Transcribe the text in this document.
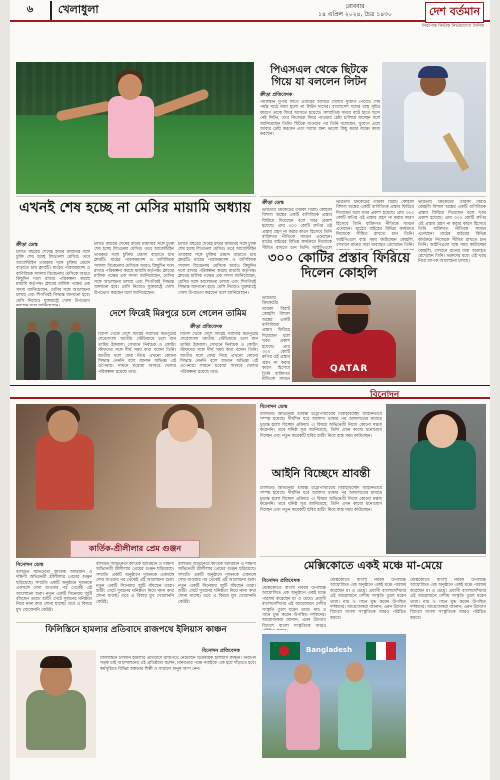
৬	খেলাধুলা	রোববার
১৪ এপ্রিল ২০২৪, চৈত্র ১৪৩০	দেশ বর্তমান
নিরপেক্ষ নির্ভীক নির্ভরযোগ্য দৈনিক
পিএসএল থেকে ছিটকে গিয়ে যা বললেন লিটন
ক্রীড়া প্রতিবেদক
পাকিস্তান সুপার লিগে এবারের আসরে খেলার সুযোগ পেয়েও শেষ পর্যন্ত মাঠে নামা হলো না লিটন দাসের। বাংলাদেশ দলের ব্যস্ত সূচির কারণে তাকে ফিরে আসতে হয়েছে। সাম্প্রতিক সময়ে ব্যাট হাতে ছন্দে নেই লিটন, তবে নিজেকে ফিরে পাওয়ার চেষ্টা চালিয়ে যাচ্ছেন বলে জানিয়েছেন তিনি। ছিটকে যাওয়ার পর তিনি বলেছেন, সুযোগ এলে আবার চেষ্টা করবেন এবং দলের জন্য ভালো কিছু করার লক্ষ্যে কাজ করছেন।
এখনই শেষ হচ্ছে না মেসির মায়ামি অধ্যায়
ক্রীড়া ডেস্ক
চলতি বছরের শেষেই ইন্টার মায়ামির সঙ্গে চুক্তি শেষ হচ্ছে লিওনেল মেসির। তবে আর্জেন্টাইন তারকার সঙ্গে চুক্তির মেয়াদ বাড়াতে চায় ক্লাবটি। মাঠের পারফরম্যান্স ও বাণিজ্যিক সাফল্য বিবেচনায় মেসিকে আরও কিছুদিন দলে রাখার পরিকল্পনা করছে মায়ামি কর্তৃপক্ষ। ক্লাবের মালিক পক্ষের এক সদস্য জানিয়েছেন, মেসির সঙ্গে আলোচনা চলছে এবং শিগগিরই সিদ্ধান্ত জানানো হবে। মেসি নিজেও যুক্তরাষ্ট্রে খেলা উপভোগ
চলতি বছরের শেষেই ইন্টার মায়ামির সঙ্গে চুক্তি শেষ হচ্ছে লিওনেল মেসির। তবে আর্জেন্টাইন তারকার সঙ্গে চুক্তির মেয়াদ বাড়াতে চায় ক্লাবটি। মাঠের পারফরম্যান্স ও বাণিজ্যিক সাফল্য বিবেচনায় মেসিকে আরও কিছুদিন দলে রাখার পরিকল্পনা করছে মায়ামি কর্তৃপক্ষ। ক্লাবের মালিক পক্ষের এক সদস্য জানিয়েছেন, মেসির সঙ্গে আলোচনা চলছে এবং শিগগিরই সিদ্ধান্ত জানানো হবে। মেসি নিজেও যুক্তরাষ্ট্রে খেলা উপভোগ করছেন বলে জানিয়েছেন।
চলতি বছরের শেষেই ইন্টার মায়ামির সঙ্গে চুক্তি শেষ হচ্ছে লিওনেল মেসির। তবে আর্জেন্টাইন তারকার সঙ্গে চুক্তির মেয়াদ বাড়াতে চায় ক্লাবটি। মাঠের পারফরম্যান্স ও বাণিজ্যিক সাফল্য বিবেচনায় মেসিকে আরও কিছুদিন দলে রাখার পরিকল্পনা করছে মায়ামি কর্তৃপক্ষ। ক্লাবের মালিক পক্ষের এক সদস্য জানিয়েছেন, মেসির সঙ্গে আলোচনা চলছে এবং শিগগিরই সিদ্ধান্ত জানানো হবে। মেসি নিজেও যুক্তরাষ্ট্রে খেলা উপভোগ করছেন বলে জানিয়েছেন।
দেশে ফিরেই মিরপুরে চলে গেলেন তামিম
ক্রীড়া প্রতিবেদক
বিদেশ থেকে দেশে ফিরেই সরাসরি মিরপুরের শেরেবাংলা জাতীয় স্টেডিয়ামে চলে যান তামিম ইকবাল। সেখানে নির্বাচক ও কোচিং স্টাফদের সঙ্গে দীর্ঘ সময় কথা বলেন তিনি। জাতীয় দলে ফেরা নিয়ে এখনো কোনো সিদ্ধান্ত নেননি বলে জানান অভিজ্ঞ এই ওপেনার। সামনে ঘরোয়া আসরে খেলার পরিকল্পনা রয়েছে তার।
বিদেশ থেকে দেশে ফিরেই সরাসরি মিরপুরের শেরেবাংলা জাতীয় স্টেডিয়ামে চলে যান তামিম ইকবাল। সেখানে নির্বাচক ও কোচিং স্টাফদের সঙ্গে দীর্ঘ সময় কথা বলেন তিনি। জাতীয় দলে ফেরা নিয়ে এখনো কোনো সিদ্ধান্ত নেননি বলে জানান অভিজ্ঞ এই ওপেনার। সামনে ঘরোয়া আসরে খেলার পরিকল্পনা রয়েছে তার।
ক্রীড়া ডেস্ক
ভারতীয় ক্রিকেটের তারকা বিরাট কোহলি বিশাল অঙ্কের একটি বাণিজ্যিক প্রস্তাব ফিরিয়ে দিয়েছেন বলে খবর প্রকাশ হয়েছে। প্রায় ৩০০ কোটি রুপির ওই প্রস্তাব গ্রহণ না করার কারণ হিসেবে তিনি ব্যক্তিগত নীতিকে সামনে এনেছেন। মাঠের বাইরের বিভিন্ন কার্যক্রমে নিজেকে সীমিত রাখতে চান তিনি। আইপিএলে
ভারতীয় ক্রিকেটের তারকা বিরাট কোহলি বিশাল অঙ্কের একটি বাণিজ্যিক প্রস্তাব ফিরিয়ে দিয়েছেন বলে খবর প্রকাশ হয়েছে। প্রায় ৩০০ কোটি রুপির ওই প্রস্তাব গ্রহণ না করার কারণ হিসেবে তিনি ব্যক্তিগত নীতিকে সামনে এনেছেন। মাঠের বাইরের বিভিন্ন কার্যক্রমে নিজেকে সীমিত রাখতে চান তিনি। আইপিএলে ব্যস্ত সময় কাটাচ্ছেন কোহলি, সেখানে রানের ধারা অব্যাহত রেখেছেন তিনি।
ভারতীয় ক্রিকেটের তারকা বিরাট কোহলি বিশাল অঙ্কের একটি বাণিজ্যিক প্রস্তাব ফিরিয়ে দিয়েছেন বলে খবর প্রকাশ হয়েছে। প্রায় ৩০০ কোটি রুপির ওই প্রস্তাব গ্রহণ না করার কারণ হিসেবে তিনি ব্যক্তিগত নীতিকে সামনে এনেছেন। মাঠের বাইরের বিভিন্ন কার্যক্রমে নিজেকে সীমিত রাখতে চান তিনি। আইপিএলে ব্যস্ত সময় কাটাচ্ছেন কোহলি, সেখানে রানের ধারা অব্যাহত রেখেছেন তিনি। ভক্তদের মধ্যে এই খবর নিয়ে ব্যাপক আলোচনা চলছে।
৩০০ কোটির প্রস্তাব ফিরিয়ে দিলেন কোহলি
QATAR
ভারতীয় ক্রিকেটের তারকা বিরাট কোহলি বিশাল অঙ্কের একটি বাণিজ্যিক প্রস্তাব ফিরিয়ে দিয়েছেন বলে খবর প্রকাশ হয়েছে। প্রায় ৩০০ কোটি রুপির ওই প্রস্তাব গ্রহণ না করার কারণ হিসেবে তিনি ব্যক্তিগত নীতিকে সামনে
বিনোদন
কার্তিক-শ্রীলীলার প্রেম গুঞ্জন
বিনোদন ডেস্ক
বলিউড অভিনেতা কার্তিক আরিয়ান ও দক্ষিণী অভিনেত্রী শ্রীলীলার প্রেমের গুঞ্জন ছড়িয়েছে। সম্প্রতি একটি অনুষ্ঠানে দুজনকে একসঙ্গে দেখা যাওয়ার পর থেকেই এই আলোচনা শুরু। নতুন একটি সিনেমায় জুটি বাঁধছেন তারা। শুটিং সেটে দুজনের ঘনিষ্ঠতা নিয়ে নানা কথা শোনা যাচ্ছে। তবে এ বিষয়ে মুখ খোলেননি কেউই।
বলিউড অভিনেতা কার্তিক আরিয়ান ও দক্ষিণী অভিনেত্রী শ্রীলীলার প্রেমের গুঞ্জন ছড়িয়েছে। সম্প্রতি একটি অনুষ্ঠানে দুজনকে একসঙ্গে দেখা যাওয়ার পর থেকেই এই আলোচনা শুরু। নতুন একটি সিনেমায় জুটি বাঁধছেন তারা। শুটিং সেটে দুজনের ঘনিষ্ঠতা নিয়ে নানা কথা শোনা যাচ্ছে। তবে এ বিষয়ে মুখ খোলেননি কেউই।
বলিউড অভিনেতা কার্তিক আরিয়ান ও দক্ষিণী অভিনেত্রী শ্রীলীলার প্রেমের গুঞ্জন ছড়িয়েছে। সম্প্রতি একটি অনুষ্ঠানে দুজনকে একসঙ্গে দেখা যাওয়ার পর থেকেই এই আলোচনা শুরু। নতুন একটি সিনেমায় জুটি বাঁধছেন তারা। শুটিং সেটে দুজনের ঘনিষ্ঠতা নিয়ে নানা কথা শোনা যাচ্ছে। তবে এ বিষয়ে মুখ খোলেননি কেউই।
বিনোদন ডেস্ক
টালিউড অভিনেত্রী শ্রাবন্তী চট্টোপাধ্যায়ের বিবাহবিচ্ছেদ আইনিভাবে সম্পন্ন হয়েছে। দীর্ঘদিন ধরে আলাদা থাকার পর আদালতের মাধ্যমে চূড়ান্ত হলো বিচ্ছেদ প্রক্রিয়া। এ বিষয়ে অভিনেত্রী নিজে কোনো মন্তব্য করেননি। তবে ঘনিষ্ঠ সূত্র জানিয়েছে, তিনি এখন কাজে মনোযোগ দিচ্ছেন এবং নতুন কয়েকটি ছবির শুটিং নিয়ে ব্যস্ত সময় কাটাচ্ছেন।
আইনি বিচ্ছেদে শ্রাবন্তী
টালিউড অভিনেত্রী শ্রাবন্তী চট্টোপাধ্যায়ের বিবাহবিচ্ছেদ আইনিভাবে সম্পন্ন হয়েছে। দীর্ঘদিন ধরে আলাদা থাকার পর আদালতের মাধ্যমে চূড়ান্ত হলো বিচ্ছেদ প্রক্রিয়া। এ বিষয়ে অভিনেত্রী নিজে কোনো মন্তব্য করেননি। তবে ঘনিষ্ঠ সূত্র জানিয়েছে, তিনি এখন কাজে মনোযোগ দিচ্ছেন এবং নতুন কয়েকটি ছবির শুটিং নিয়ে ব্যস্ত সময় কাটাচ্ছেন।
ফিলিস্তিনে হামলার প্রতিবাদে রাজপথে ইলিয়াস কাঞ্চন
বিনোদন প্রতিবেদক
ফিলিস্তিনে চলমান হামলার প্রতিবাদে রাজপথে নেমেছেন চিত্রনায়ক ইলিয়াস কাঞ্চন। নিরাপদ সড়ক চাই আন্দোলনের এই প্রতিষ্ঠাতা বলেন, মানবতার পক্ষে সবাইকে এক হয়ে দাঁড়াতে হবে। কর্মসূচিতে বিভিন্ন অঙ্গনের শিল্পী ও সাধারণ মানুষ অংশ নেন।
মেক্সিকোতে একই মঞ্চে মা-মেয়ে
বিনোদন প্রতিবেদক
মেক্সিকোতে বাংলা নববর্ষ উপলক্ষে আয়োজিত এক অনুষ্ঠানে একই মঞ্চে পারফর্ম করেছেন মা ও মেয়ে। প্রবাসী বাংলাদেশিদের এই আয়োজনে দেশীয় সংস্কৃতি তুলে ধরেন তারা। নাচ ও গানে মুগ্ধ করেন উপস্থিত দর্শকদের। আয়োজকরা জানান, এমন উদ্যোগ বিদেশে বাংলা সংস্কৃতিকে আরও
মেক্সিকোতে বাংলা নববর্ষ উপলক্ষে আয়োজিত এক অনুষ্ঠানে একই মঞ্চে পারফর্ম করেছেন মা ও মেয়ে। প্রবাসী বাংলাদেশিদের এই আয়োজনে দেশীয় সংস্কৃতি তুলে ধরেন তারা। নাচ ও গানে মুগ্ধ করেন উপস্থিত দর্শকদের। আয়োজকরা জানান, এমন উদ্যোগ বিদেশে বাংলা সংস্কৃতিকে আরও পরিচিত করবে।
মেক্সিকোতে বাংলা নববর্ষ উপলক্ষে আয়োজিত এক অনুষ্ঠানে একই মঞ্চে পারফর্ম করেছেন মা ও মেয়ে। প্রবাসী বাংলাদেশিদের এই আয়োজনে দেশীয় সংস্কৃতি তুলে ধরেন তারা। নাচ ও গানে মুগ্ধ করেন উপস্থিত দর্শকদের। আয়োজকরা জানান, এমন উদ্যোগ বিদেশে বাংলা সংস্কৃতিকে আরও পরিচিত করবে।
Bangladesh
